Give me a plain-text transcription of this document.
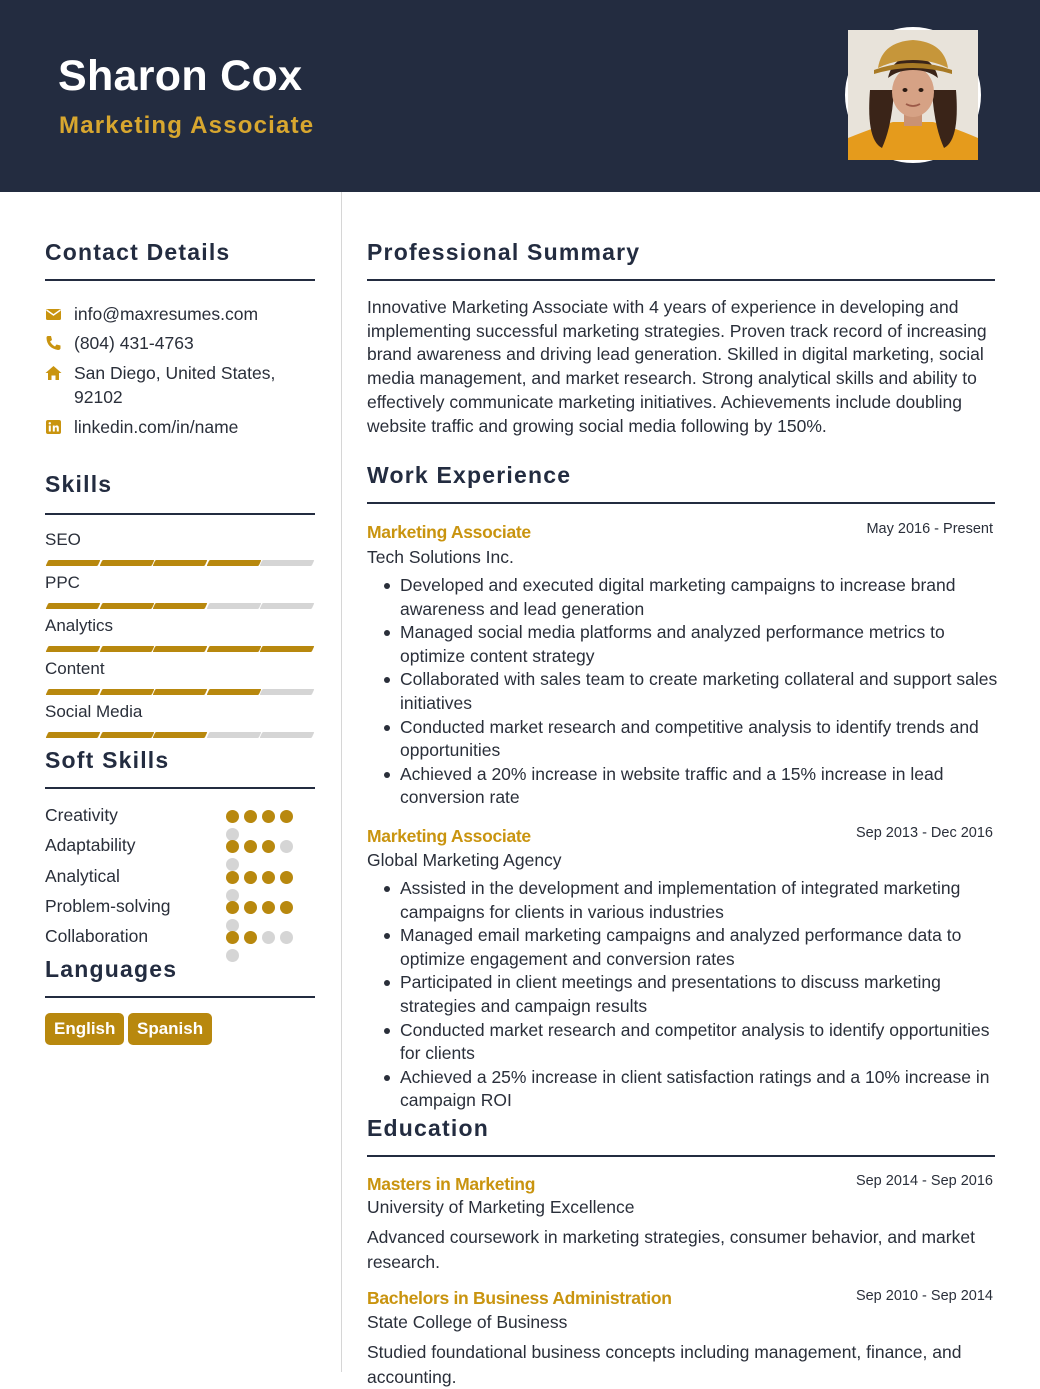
Sharon Cox
Marketing Associate
Contact Details
info@maxresumes.com
(804) 431-4763
San Diego, United States, 92102
linkedin.com/in/name
Skills
SEO
PPC
Analytics
Content
Social Media
Soft Skills
Creativity
Adaptability
Analytical
Problem-solving
Collaboration
Languages
English	Spanish
Professional Summary
Innovative Marketing Associate with 4 years of experience in developing and implementing successful marketing strategies. Proven track record of increasing brand awareness and driving lead generation. Skilled in digital marketing, social media management, and market research. Strong analytical skills and ability to effectively communicate marketing initiatives. Achievements include doubling website traffic and growing social media following by 150%.
Work Experience
Marketing Associate	May 2016 - Present
Tech Solutions Inc.
Developed and executed digital marketing campaigns to increase brand awareness and lead generation
Managed social media platforms and analyzed performance metrics to optimize content strategy
Collaborated with sales team to create marketing collateral and support sales initiatives
Conducted market research and competitive analysis to identify trends and opportunities
Achieved a 20% increase in website traffic and a 15% increase in lead conversion rate
Marketing Associate	Sep 2013 - Dec 2016
Global Marketing Agency
Assisted in the development and implementation of integrated marketing campaigns for clients in various industries
Managed email marketing campaigns and analyzed performance data to optimize engagement and conversion rates
Participated in client meetings and presentations to discuss marketing strategies and campaign results
Conducted market research and competitor analysis to identify opportunities for clients
Achieved a 25% increase in client satisfaction ratings and a 10% increase in campaign ROI
Education
Masters in Marketing	Sep 2014 - Sep 2016
University of Marketing Excellence
Advanced coursework in marketing strategies, consumer behavior, and market research.
Bachelors in Business Administration	Sep 2010 - Sep 2014
State College of Business
Studied foundational business concepts including management, finance, and accounting.
